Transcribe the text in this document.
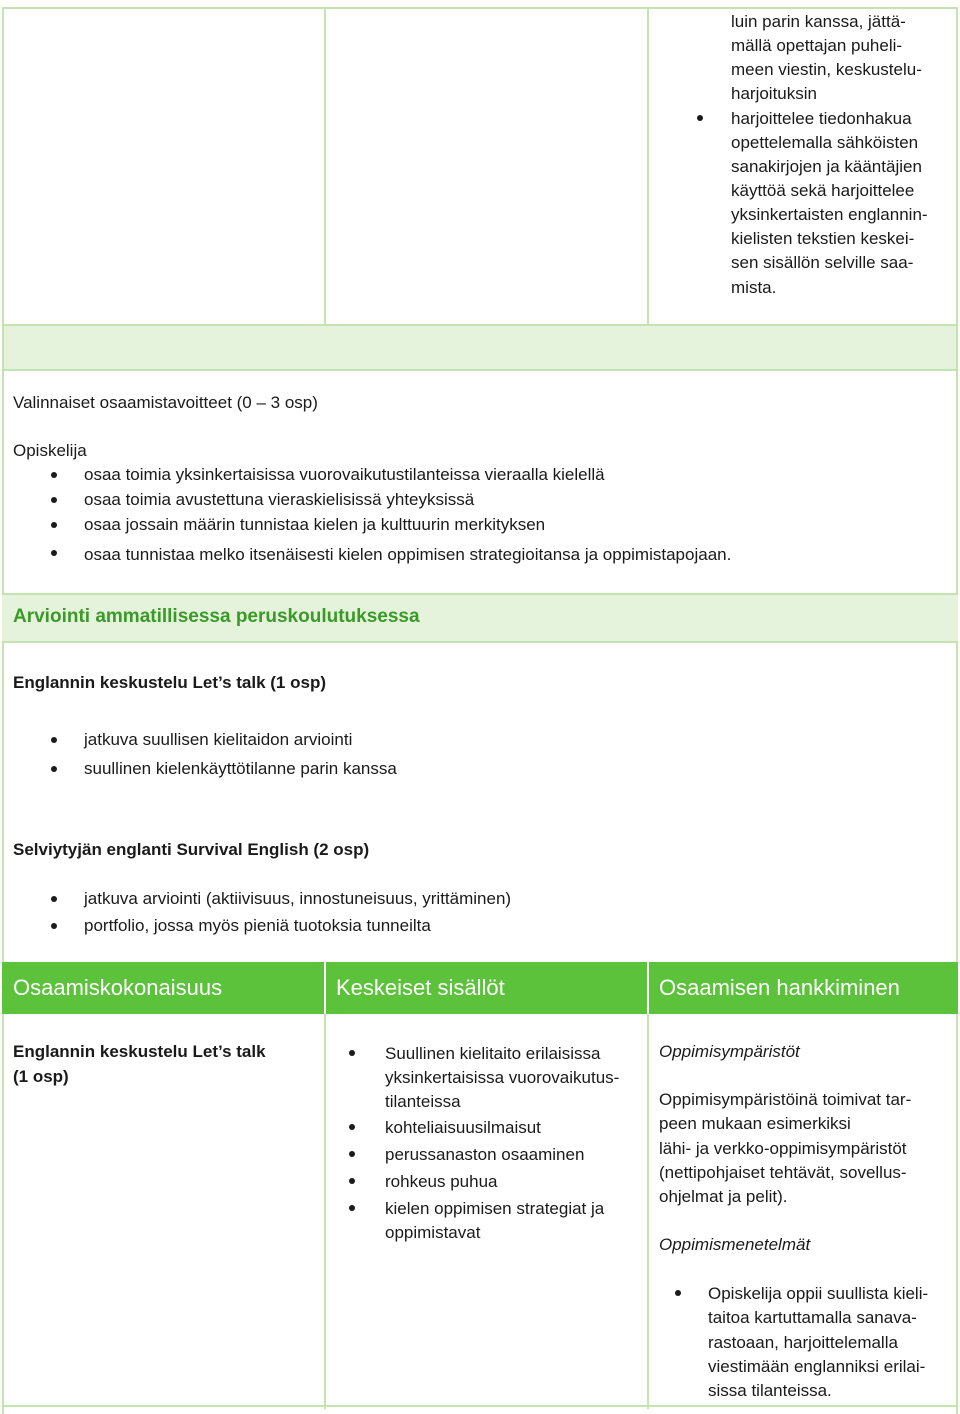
luin parin kanssa, jättä-
mällä opettajan puheli-
meen viestin, keskustelu-
harjoituksin
harjoittelee tiedonhakua
opettelemalla sähköisten
sanakirjojen ja kääntäjien
käyttöä sekä harjoittelee
yksinkertaisten englannin-
kielisten tekstien keskei-
sen sisällön selville saa-
mista.
Valinnaiset osaamistavoitteet (0 – 3 osp)
Opiskelija
osaa toimia yksinkertaisissa vuorovaikutustilanteissa vieraalla kielellä
osaa toimia avustettuna vieraskielisissä yhteyksissä
osaa jossain määrin tunnistaa kielen ja kulttuurin merkityksen
osaa tunnistaa melko itsenäisesti kielen oppimisen strategioitansa ja oppimistapojaan.
Arviointi ammatillisessa peruskoulutuksessa
Englannin keskustelu Let’s talk (1 osp)
jatkuva suullisen kielitaidon arviointi
suullinen kielenkäyttötilanne parin kanssa
Selviytyjän englanti Survival English (2 osp)
jatkuva arviointi (aktiivisuus, innostuneisuus, yrittäminen)
portfolio, jossa myös pieniä tuotoksia tunneilta
Osaamiskokonaisuus	Keskeiset sisällöt	Osaamisen hankkiminen
Englannin keskustelu Let’s talk
(1 osp)
Suullinen kielitaito erilaisissa
yksinkertaisissa vuorovaikutus-
tilanteissa
kohteliaisuusilmaisut
perussanaston osaaminen
rohkeus puhua
kielen oppimisen strategiat ja
oppimistavat
Oppimisympäristöt
Oppimisympäristöinä toimivat tar-
peen mukaan esimerkiksi
lähi- ja verkko-oppimisympäristöt
(nettipohjaiset tehtävät, sovellus-
ohjelmat ja pelit).
Oppimismenetelmät
Opiskelija oppii suullista kieli-
taitoa kartuttamalla sanava-
rastoaan, harjoittelemalla
viestimään englanniksi erilai-
sissa tilanteissa.
